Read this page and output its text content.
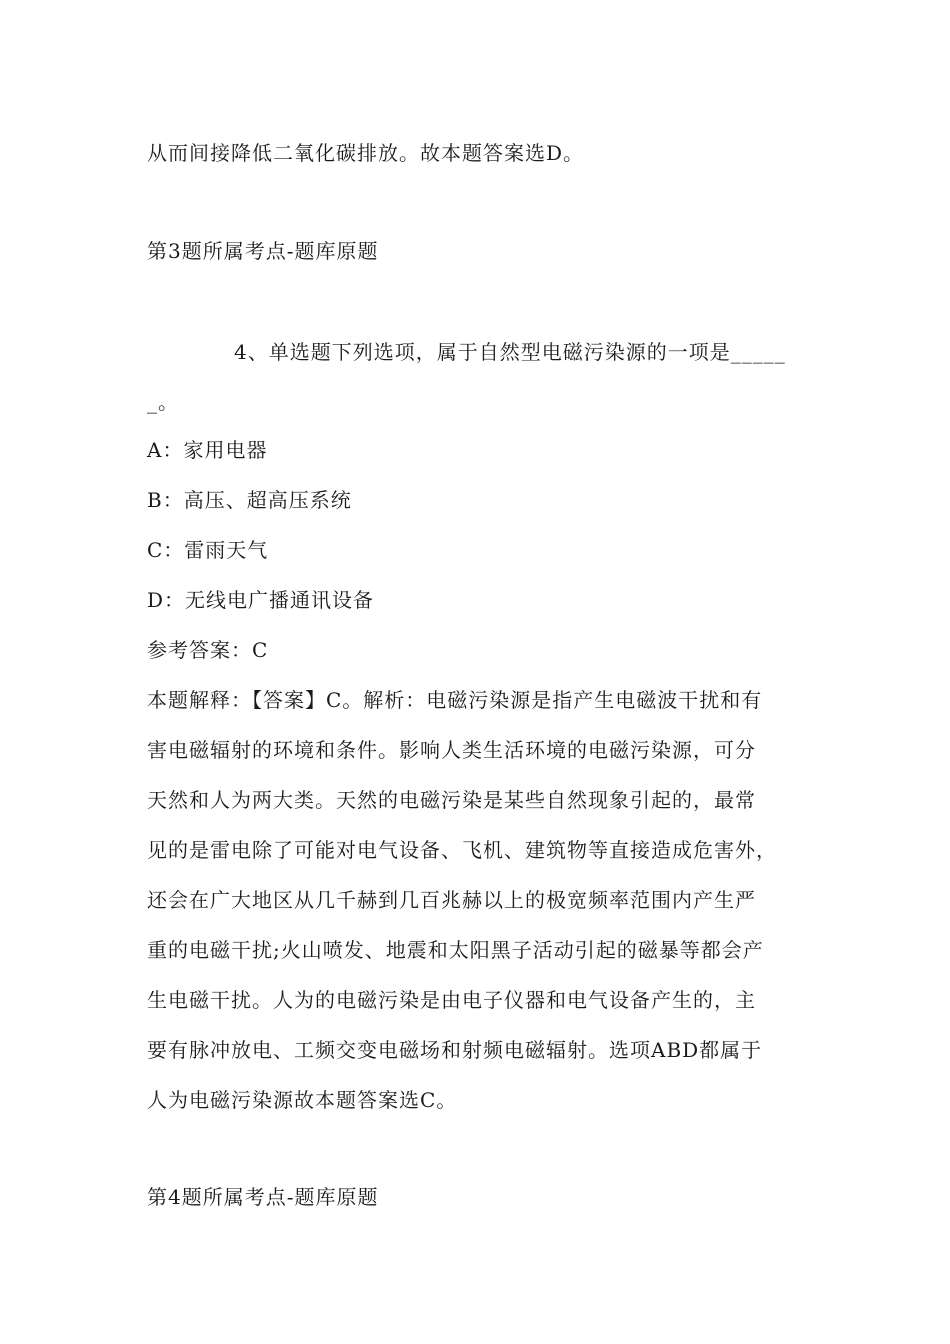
从而间接降低二氧化碳排放。故本题答案选D。
第3题所属考点-题库原题
4、单选题下列选项，属于自然型电磁污染源的一项是_____
_。
A：家用电器
B：高压、超高压系统
C：雷雨天气
D：无线电广播通讯设备
参考答案：C
本题解释：【答案】C。解析：电磁污染源是指产生电磁波干扰和有
害电磁辐射的环境和条件。影响人类生活环境的电磁污染源，可分
天然和人为两大类。天然的电磁污染是某些自然现象引起的，最常
见的是雷电除了可能对电气设备、飞机、建筑物等直接造成危害外，
还会在广大地区从几千赫到几百兆赫以上的极宽频率范围内产生严
重的电磁干扰;火山喷发、地震和太阳黑子活动引起的磁暴等都会产
生电磁干扰。人为的电磁污染是由电子仪器和电气设备产生的，主
要有脉冲放电、工频交变电磁场和射频电磁辐射。选项ABD都属于
人为电磁污染源故本题答案选C。
第4题所属考点-题库原题
